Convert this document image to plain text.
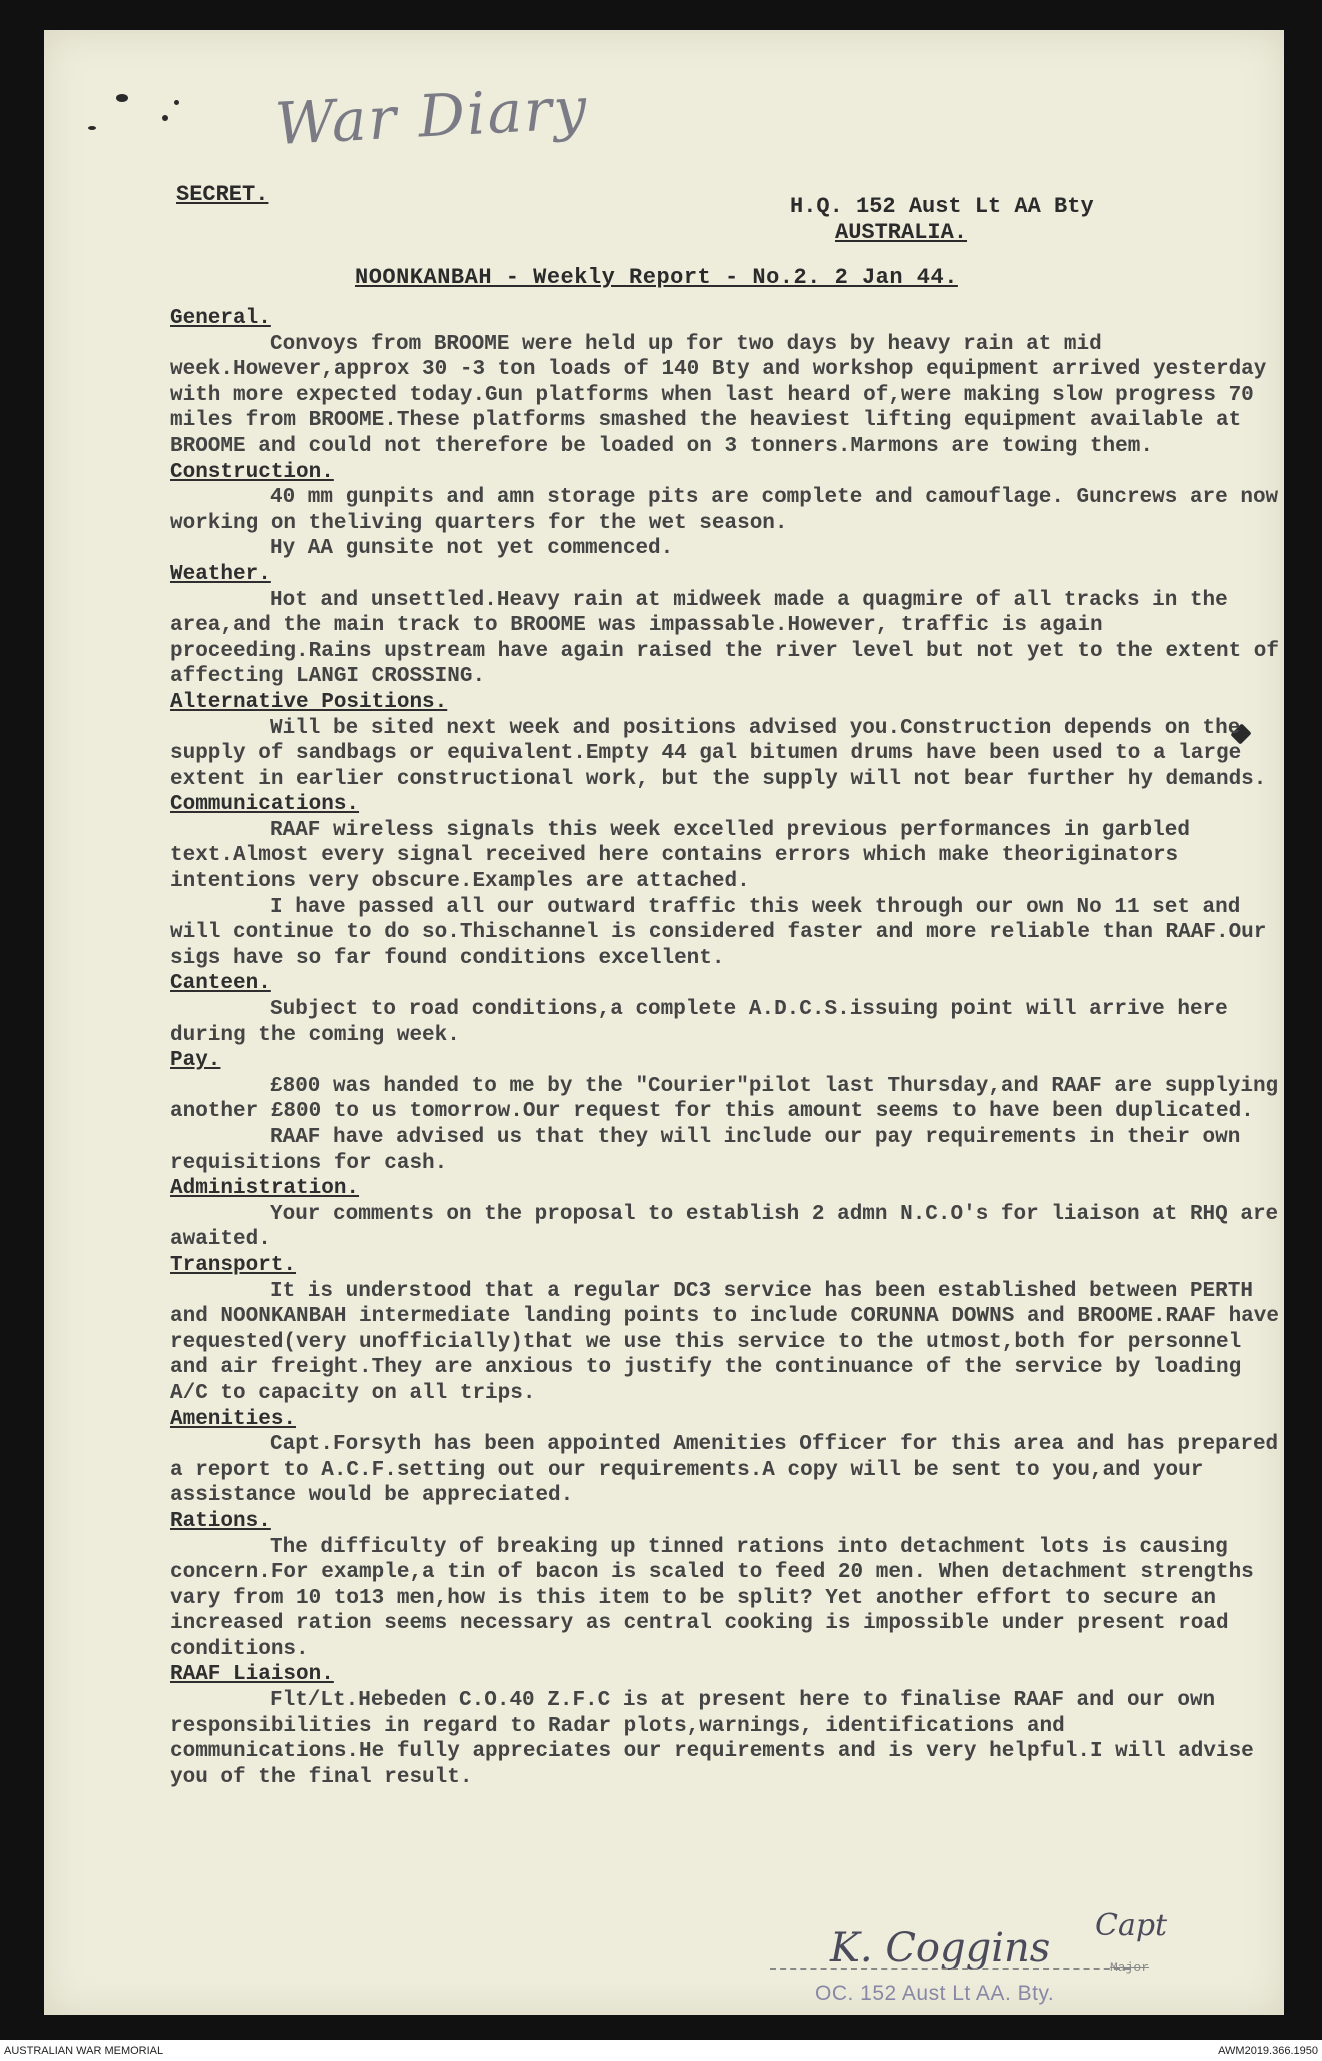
War Diary
SECRET.	H.Q. 152 Aust Lt AA Bty
AUSTRALIA.
NOONKANBAH - Weekly Report - No.2. 2 Jan 44.
General.
Convoys from BROOME were held up for two days by heavy rain at mid week.However,approx 30 -3 ton loads of 140 Bty and workshop equipment arrived yesterday with more expected today.Gun platforms when last heard of,were making slow progress 70 miles from BROOME.These platforms smashed the heaviest lifting equipment available at BROOME and could not therefore be loaded on 3 tonners.Marmons are towing them.
Construction.
40 mm gunpits and amn storage pits are complete and camouflage. Guncrews are now working on theliving quarters for the wet season.
Hy AA gunsite not yet commenced.
Weather.
Hot and unsettled.Heavy rain at midweek made a quagmire of all tracks in the area,and the main track to BROOME was impassable.However, traffic is again proceeding.Rains upstream have again raised the river level but not yet to the extent of affecting LANGI CROSSING.
Alternative Positions.
Will be sited next week and positions advised you.Construction depends on the supply of sandbags or equivalent.Empty 44 gal bitumen drums have been used to a large extent in earlier constructional work, but the supply will not bear further hy demands.
Communications.
RAAF wireless signals this week excelled previous performances in garbled text.Almost every signal received here contains errors which make theoriginators intentions very obscure.Examples are attached.
I have passed all our outward traffic this week through our own No 11 set and will continue to do so.Thischannel is considered faster and more reliable than RAAF.Our sigs have so far found conditions excellent.
Canteen.
Subject to road conditions,a complete A.D.C.S.issuing point will arrive here during the coming week.
Pay.
£800 was handed to me by the "Courier"pilot last Thursday,and RAAF are supplying another £800 to us tomorrow.Our request for this amount seems to have been duplicated.
RAAF have advised us that they will include our pay requirements in their own requisitions for cash.
Administration.
Your comments on the proposal to establish 2 admn N.C.O's for liaison at RHQ are awaited.
Transport.
It is understood that a regular DC3 service has been established between PERTH and NOONKANBAH intermediate landing points to include CORUNNA DOWNS and BROOME.RAAF have requested(very unofficially)that we use this service to the utmost,both for personnel and air freight.They are anxious to justify the continuance of the service by loading A/C to capacity on all trips.
Amenities.
Capt.Forsyth has been appointed Amenities Officer for this area and has prepared a report to A.C.F.setting out our requirements.A copy will be sent to you,and your assistance would be appreciated.
Rations.
The difficulty of breaking up tinned rations into detachment lots is causing concern.For example,a tin of bacon is scaled to feed 20 men. When detachment strengths vary from 10 to13 men,how is this item to be split? Yet another effort to secure an increased ration seems necessary as central cooking is impossible under present road conditions.
RAAF Liaison.
Flt/Lt.Hebeden C.O.40 Z.F.C is at present here to finalise RAAF and our own responsibilities in regard to Radar plots,warnings, identifications and communications.He fully appreciates our requirements and is very helpful.I will advise you of the final result.
K. Coggins Capt
Major
OC. 152 Aust Lt AA. Bty.
AUSTRALIAN WAR MEMORIAL	AWM2019.366.1950
